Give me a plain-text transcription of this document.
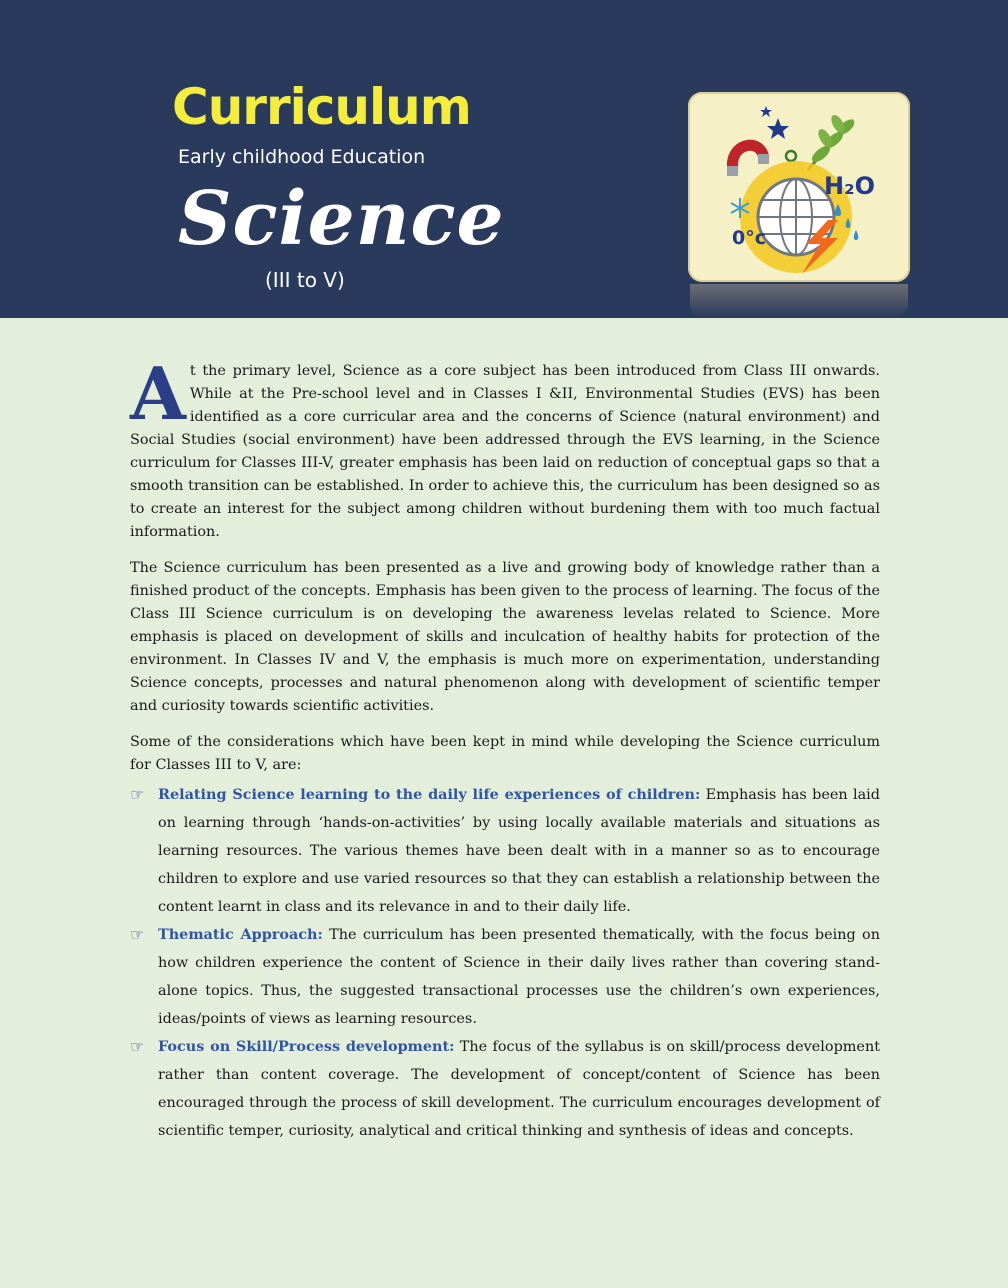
Curriculum
Early childhood Education
Science
(III to V)
H₂O
0°c

At the primary level, Science as a core subject has been introduced from Class III onwards. While at the Pre-school level and in Classes I &II, Environmental Studies (EVS) has been identified as a core curricular area and the concerns of Science (natural environment) and Social Studies (social environment) have been addressed through the EVS learning, in the Science curriculum for Classes III-V, greater emphasis has been laid on reduction of conceptual gaps so that a smooth transition can be established. In order to achieve this, the curriculum has been designed so as to create an interest for the subject among children without burdening them with too much factual information.

The Science curriculum has been presented as a live and growing body of knowledge rather than a finished product of the concepts. Emphasis has been given to the process of learning. The focus of the Class III Science curriculum is on developing the awareness levelas related to Science. More emphasis is placed on development of skills and inculcation of healthy habits for protection of the environment. In Classes IV and V, the emphasis is much more on experimentation, understanding Science concepts, processes and natural phenomenon along with development of scientific temper and curiosity towards scientific activities.

Some of the considerations which have been kept in mind while developing the Science curriculum for Classes III to V, are:

☞ Relating Science learning to the daily life experiences of children: Emphasis has been laid on learning through ‘hands-on-activities’ by using locally available materials and situations as learning resources. The various themes have been dealt with in a manner so as to encourage children to explore and use varied resources so that they can establish a relationship between the content learnt in class and its relevance in and to their daily life.
☞ Thematic Approach: The curriculum has been presented thematically, with the focus being on how children experience the content of Science in their daily lives rather than covering stand- alone topics. Thus, the suggested transactional processes use the children’s own experiences, ideas/points of views as learning resources.
☞ Focus on Skill/Process development: The focus of the syllabus is on skill/process development rather than content coverage. The development of concept/content of Science has been encouraged through the process of skill development. The curriculum encourages development of scientific temper, curiosity, analytical and critical thinking and synthesis of ideas and concepts.
